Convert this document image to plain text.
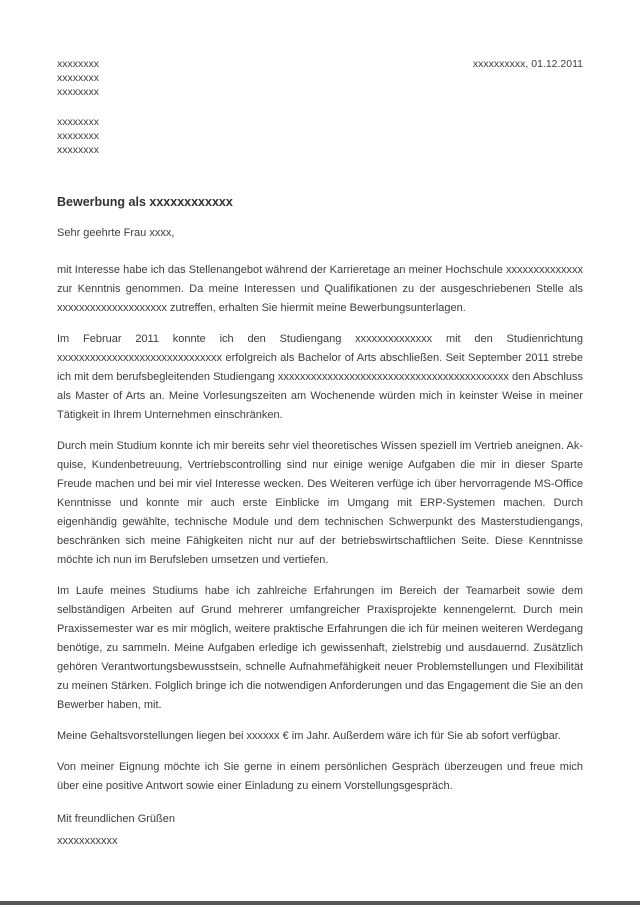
xxxxxxxx
xxxxxxxx
xxxxxxxx
xxxxxxxxxx, 01.12.2011
xxxxxxxx
xxxxxxxx
xxxxxxxx
Bewerbung als xxxxxxxxxxxx
Sehr geehrte Frau xxxx,

mit Interesse habe ich das Stellenangebot während der Karrieretage an meiner Hochschule xxxxxxxxxxxxxx zur Kenntnis genommen. Da meine Interessen und Qualifikationen zu der ausgeschriebenen Stelle als xxxxxxxxxxxxxxxxxxxx zutreffen, erhalten Sie hiermit meine Bewerbungsunterlagen.

Im Februar 2011 konnte ich den Studiengang xxxxxxxxxxxxxx mit den Studienrichtung xxxxxxxxxxxxxxxxxxxxxxxxxxxxxx erfolgreich als Bachelor of Arts abschließen. Seit September 2011 strebe ich mit dem berufsbegleitenden Studiengang xxxxxxxxxxxxxxxxxxxxxxxxxxxxxxxxxxxxxxxxxx den Abschluss als Master of Arts an. Meine Vorlesungszeiten am Wochenende würden mich in keinster Weise in meiner Tätigkeit in Ihrem Unternehmen einschränken.

Durch mein Studium konnte ich mir bereits sehr viel theoretisches Wissen speziell im Vertrieb aneignen. Akquise, Kundenbetreuung, Vertriebscontrolling sind nur einige wenige Aufgaben die mir in dieser Sparte Freude machen und bei mir viel Interesse wecken. Des Weiteren verfüge ich über hervorragende MS-Office Kenntnisse und konnte mir auch erste Einblicke im Umgang mit ERP-Systemen machen. Durch eigenhändig gewählte, technische Module und dem technischen Schwerpunkt des Masterstudiengangs, beschränken sich meine Fähigkeiten nicht nur auf der betriebswirtschaftlichen Seite. Diese Kenntnisse möchte ich nun im Berufsleben umsetzen und vertiefen.

Im Laufe meines Studiums habe ich zahlreiche Erfahrungen im Bereich der Teamarbeit sowie dem selbständigen Arbeiten auf Grund mehrerer umfangreicher Praxisprojekte kennengelernt. Durch mein Praxissemester war es mir möglich, weitere praktische Erfahrungen die ich für meinen weiteren Werdegang benötige, zu sammeln. Meine Aufgaben erledige ich gewissenhaft, zielstrebig und ausdauernd. Zusätzlich gehören Verantwortungsbewusstsein, schnelle Aufnahmefähigkeit neuer Problemstellungen und Flexibilität zu meinen Stärken. Folglich bringe ich die notwendigen Anforderungen und das Engagement die Sie an den Bewerber haben, mit.

Meine Gehaltsvorstellungen liegen bei xxxxxx € im Jahr. Außerdem wäre ich für Sie ab sofort verfügbar.

Von meiner Eignung möchte ich Sie gerne in einem persönlichen Gespräch überzeugen und freue mich über eine positive Antwort sowie einer Einladung zu einem Vorstellungsgespräch.

Mit freundlichen Grüßen
xxxxxxxxxxx
